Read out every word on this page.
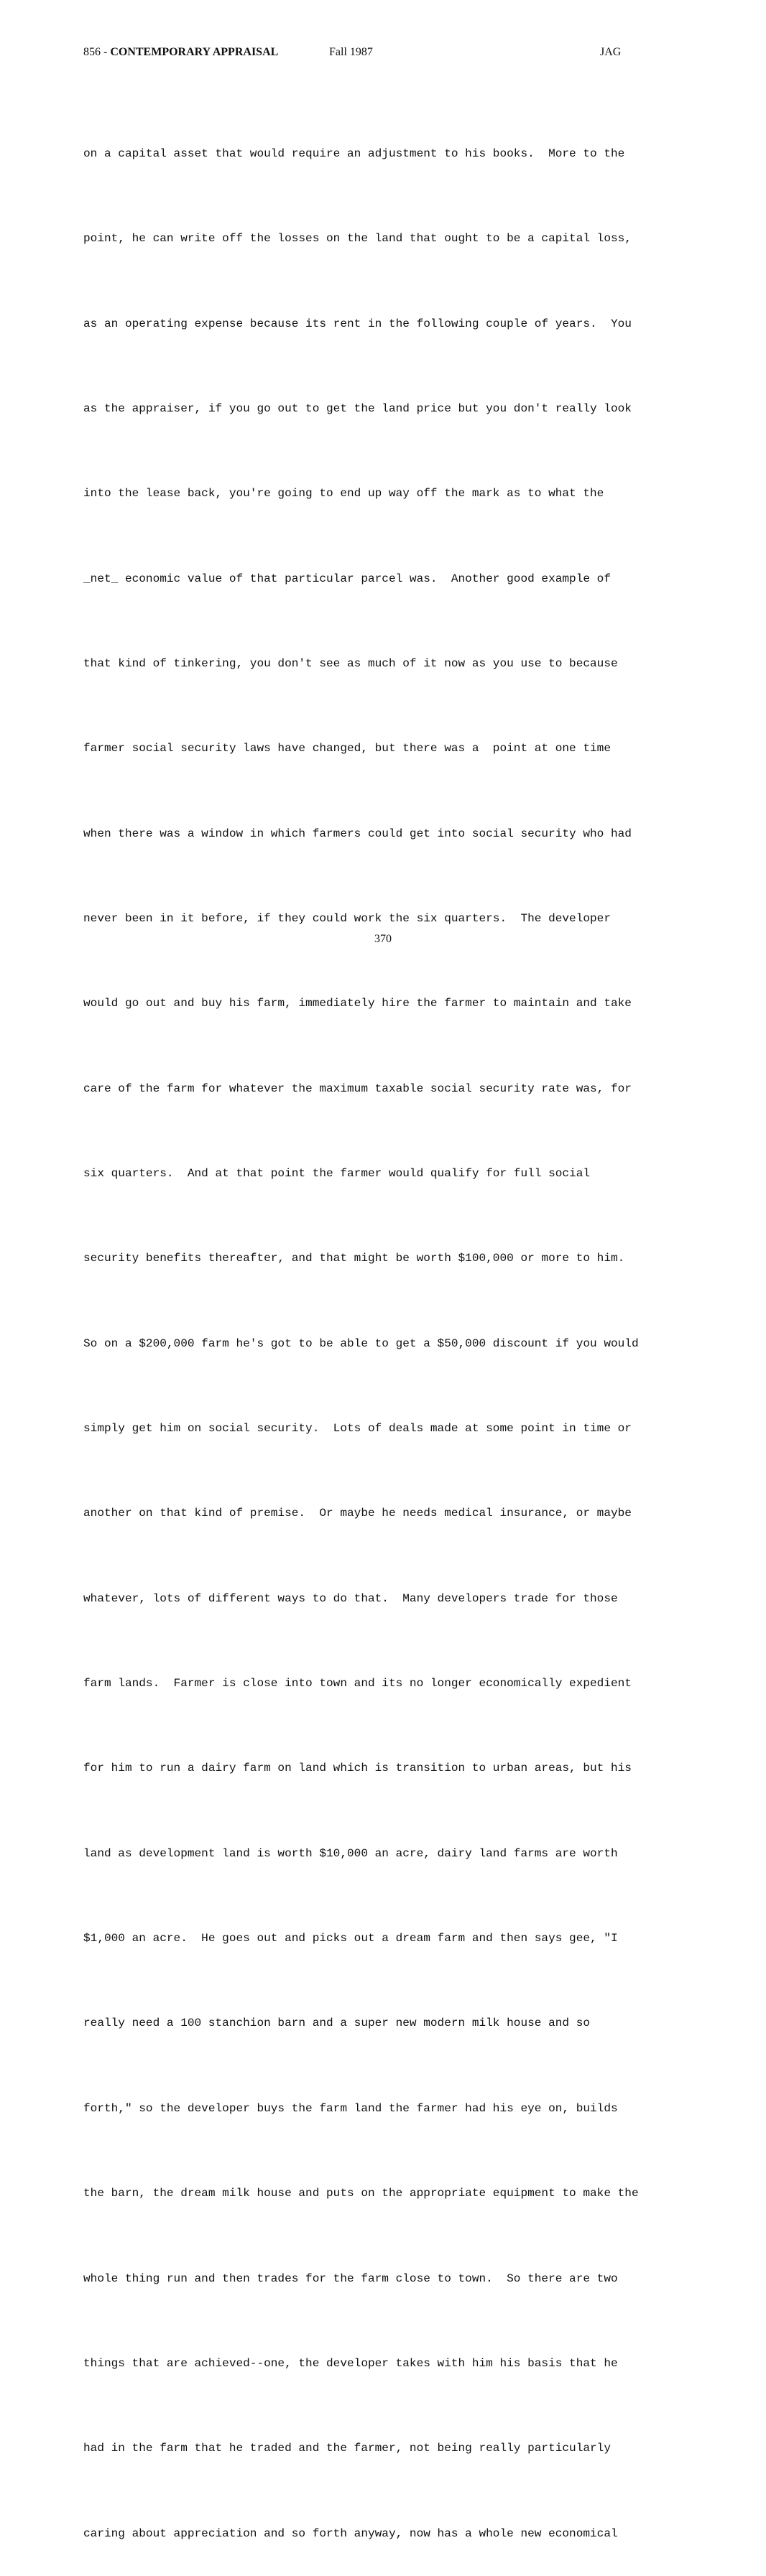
856 - CONTEMPORARY APPRAISAL	Fall 1987	JAG

on a capital asset that would require an adjustment to his books.  More to the

point, he can write off the losses on the land that ought to be a capital loss,

as an operating expense because its rent in the following couple of years.  You

as the appraiser, if you go out to get the land price but you don't really look

into the lease back, you're going to end up way off the mark as to what the

_net_ economic value of that particular parcel was.  Another good example of

that kind of tinkering, you don't see as much of it now as you use to because

farmer social security laws have changed, but there was a  point at one time

when there was a window in which farmers could get into social security who had

never been in it before, if they could work the six quarters.  The developer

would go out and buy his farm, immediately hire the farmer to maintain and take

care of the farm for whatever the maximum taxable social security rate was, for

six quarters.  And at that point the farmer would qualify for full social

security benefits thereafter, and that might be worth $100,000 or more to him.

So on a $200,000 farm he's got to be able to get a $50,000 discount if you would

simply get him on social security.  Lots of deals made at some point in time or

another on that kind of premise.  Or maybe he needs medical insurance, or maybe

whatever, lots of different ways to do that.  Many developers trade for those

farm lands.  Farmer is close into town and its no longer economically expedient

for him to run a dairy farm on land which is transition to urban areas, but his

land as development land is worth $10,000 an acre, dairy land farms are worth

$1,000 an acre.  He goes out and picks out a dream farm and then says gee, "I

really need a 100 stanchion barn and a super new modern milk house and so

forth," so the developer buys the farm land the farmer had his eye on, builds

the barn, the dream milk house and puts on the appropriate equipment to make the

whole thing run and then trades for the farm close to town.  So there are two

things that are achieved--one, the developer takes with him his basis that he

had in the farm that he traded and the farmer, not being really particularly

caring about appreciation and so forth anyway, now has a whole new economical

370
